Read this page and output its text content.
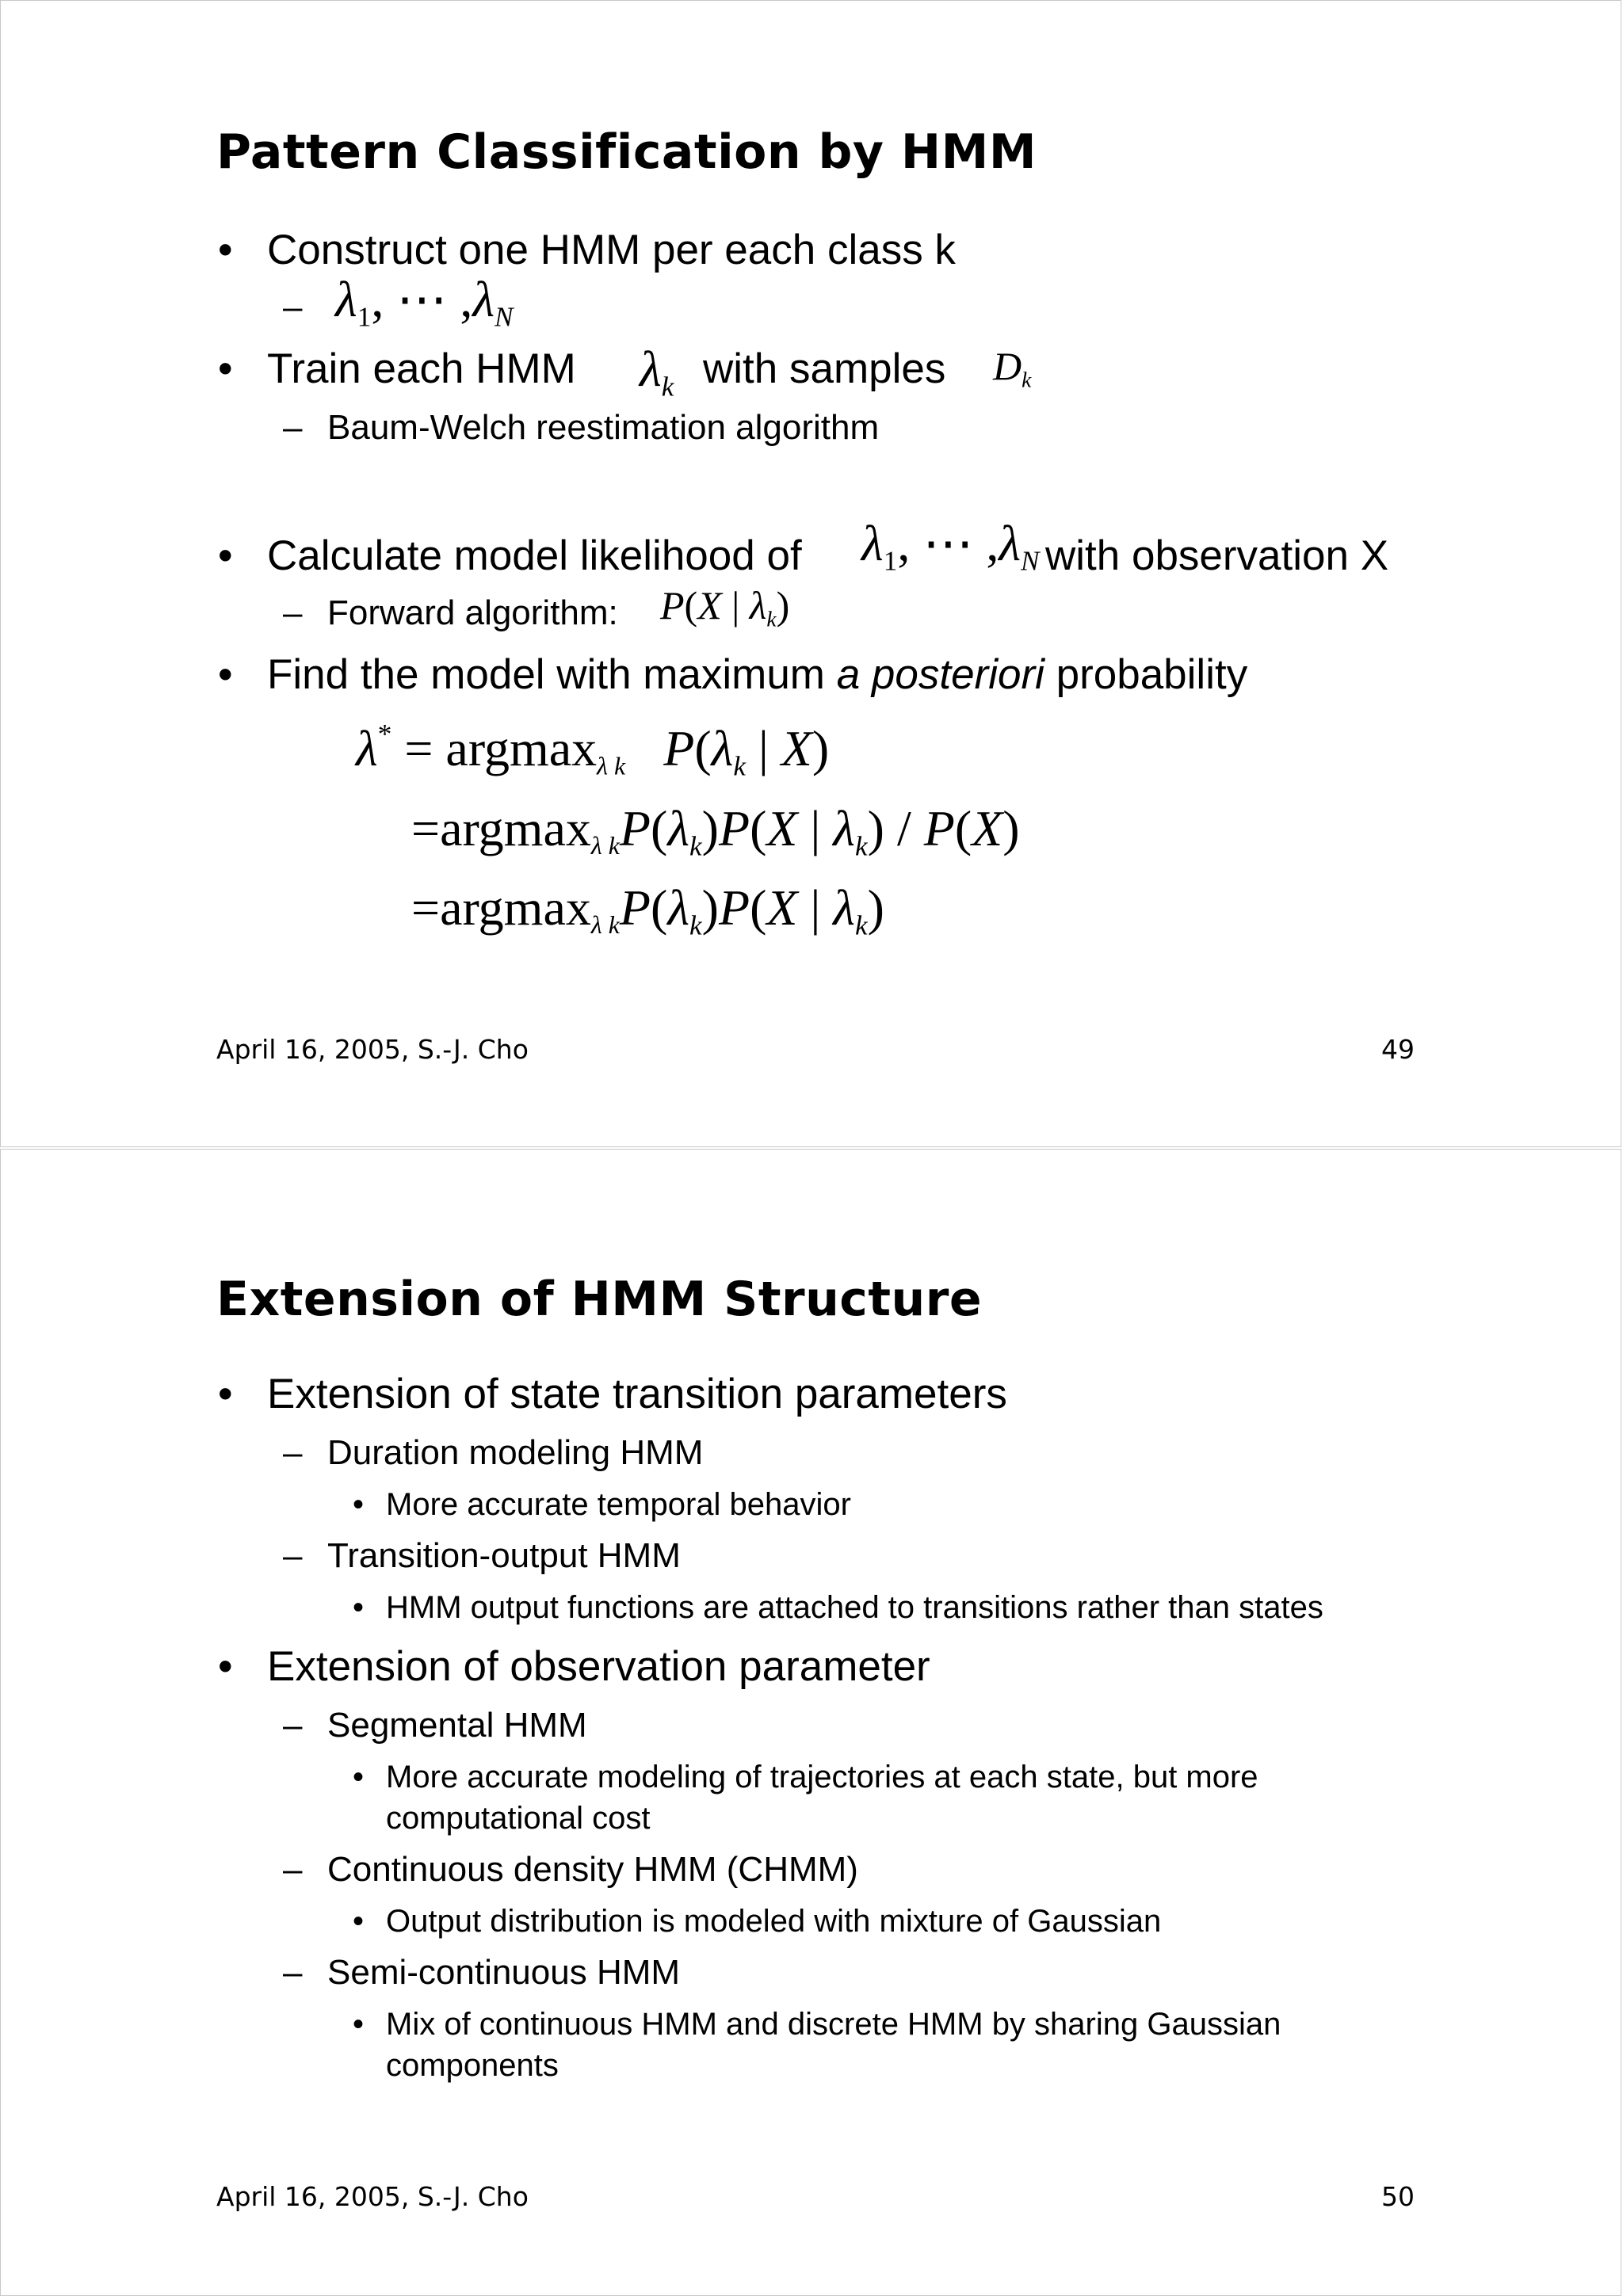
Pattern Classification by HMM
• Construct one HMM per each class k
– $\lambda_1$, ⋯ $,\lambda_N$
• Train each HMM $\lambda_k$ with samples $D_k$
– Baum-Welch reestimation algorithm
• Calculate model likelihood of $\lambda_1$, ⋯ $,\lambda_N$ with observation X
– Forward algorithm: P(X | $\lambda_k$)
• Find the model with maximum a posteriori probability
λ* = argmax$_{\lambda k}$ $P(\lambda_k$ | X)
$=argmax_{\lambda k}P(\lambda_k)P(X$ | $\lambda_k) / P(X)$
$=argmax_{\lambda k}P(\lambda_k)P(X$ | $\lambda_k$)
April 16, 2005, S.-J. Cho	49
Extension of HMM Structure
• Extension of state transition parameters
– Duration modeling HMM
• More accurate temporal behavior
– Transition-output HMM
• HMM output functions are attached to transitions rather than states
• Extension of observation parameter
– Segmental HMM
• More accurate modeling of trajectories at each state, but more
computational cost
– Continuous density HMM (CHMM)
• Output distribution is modeled with mixture of Gaussian
– Semi-continuous HMM
• Mix of continuous HMM and discrete HMM by sharing Gaussian
components
April 16, 2005, S.-J. Cho	50
